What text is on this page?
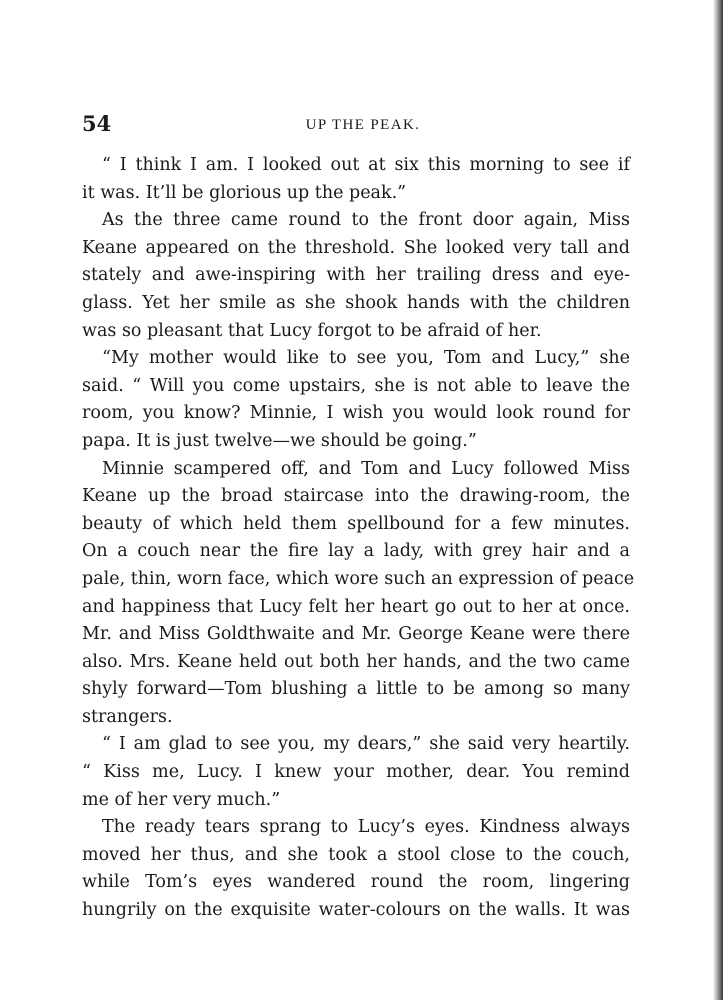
54	UP THE PEAK.

“ I think I am. I looked out at six this morning to see if
it was. It’ll be glorious up the peak.”

As the three came round to the front door again, Miss
Keane appeared on the threshold. She looked very tall and
stately and awe-inspiring with her trailing dress and eye-
glass. Yet her smile as she shook hands with the children
was so pleasant that Lucy forgot to be afraid of her.

“My mother would like to see you, Tom and Lucy,” she
said. “ Will you come upstairs, she is not able to leave the
room, you know? Minnie, I wish you would look round for
papa. It is just twelve—we should be going.”

Minnie scampered off, and Tom and Lucy followed Miss
Keane up the broad staircase into the drawing-room, the
beauty of which held them spellbound for a few minutes.
On a couch near the fire lay a lady, with grey hair and a
pale, thin, worn face, which wore such an expression of peace
and happiness that Lucy felt her heart go out to her at once.
Mr. and Miss Goldthwaite and Mr. George Keane were there
also. Mrs. Keane held out both her hands, and the two came
shyly forward—Tom blushing a little to be among so many
strangers.

“ I am glad to see you, my dears,” she said very heartily.
“ Kiss me, Lucy. I knew your mother, dear. You remind
me of her very much.”

The ready tears sprang to Lucy’s eyes. Kindness always
moved her thus, and she took a stool close to the couch,
while Tom’s eyes wandered round the room, lingering
hungrily on the exquisite water-colours on the walls. It was
